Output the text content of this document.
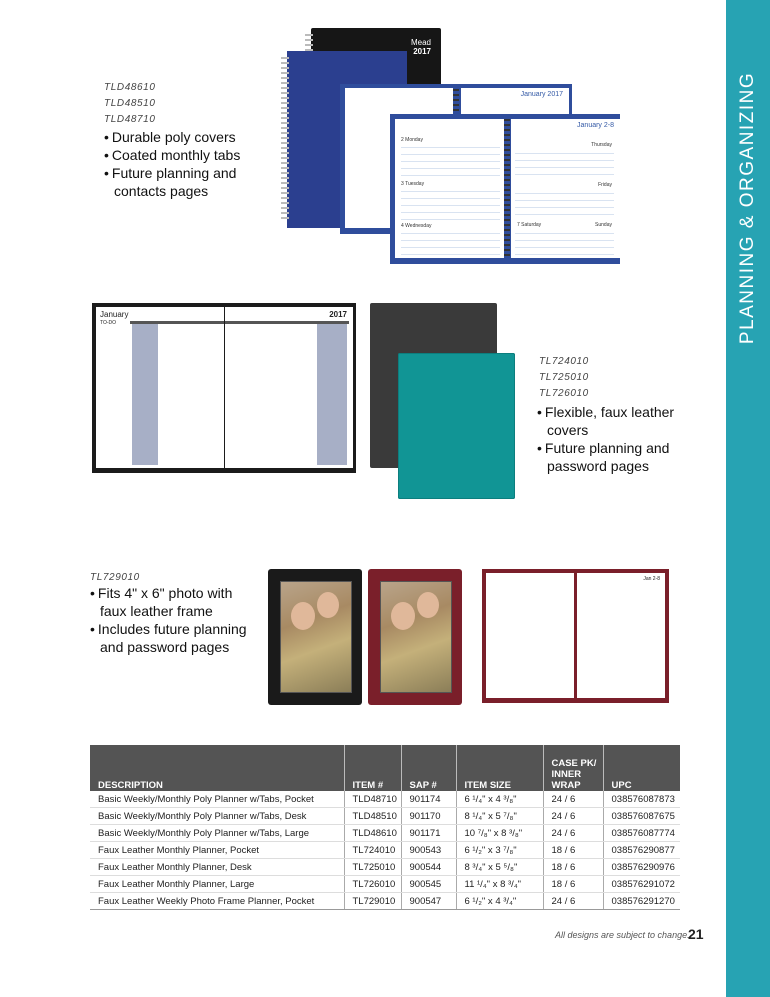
PLANNING & ORGANIZING
TLD48610
TLD48510
TLD48710
• Durable poly covers
• Coated monthly tabs
• Future planning and contacts pages
Mead
2017
January 2017
2 Monday
3 Tuesday
4 Wednesday
January 2-8
Thursday
Friday
7 Saturday	Sunday
January
TO-DO
2017
TL724010
TL725010
TL726010
• Flexible, faux leather covers
• Future planning and password pages
TL729010
• Fits 4" x 6" photo with faux leather frame
• Includes future planning and password pages
Jan 2-8
DESCRIPTION	ITEM #	SAP #	ITEM SIZE	CASE PK/ INNER WRAP	UPC
Basic Weekly/Monthly Poly Planner w/Tabs, Pocket	TLD48710	901174	6 ¹/₄" x 4 ³/₈"	24 / 6	038576087873
Basic Weekly/Monthly Poly Planner w/Tabs, Desk	TLD48510	901170	8 ¹/₄" x 5 ⁷/₈"	24 / 6	038576087675
Basic Weekly/Monthly Poly Planner w/Tabs, Large	TLD48610	901171	10 ⁷/₈" x 8 ³/₈"	24 / 6	038576087774
Faux Leather Monthly Planner, Pocket	TL724010	900543	6 ¹/₂" x 3 ⁷/₈"	18 / 6	038576290877
Faux Leather Monthly Planner, Desk	TL725010	900544	8 ³/₄" x 5 ⁵/₈"	18 / 6	038576290976
Faux Leather Monthly Planner, Large	TL726010	900545	11 ¹/₄" x 8 ³/₄"	18 / 6	038576291072
Faux Leather Weekly Photo Frame Planner, Pocket	TL729010	900547	6 ¹/₂" x 4 ³/₄"	24 / 6	038576291270
All designs are subject to change.
21
